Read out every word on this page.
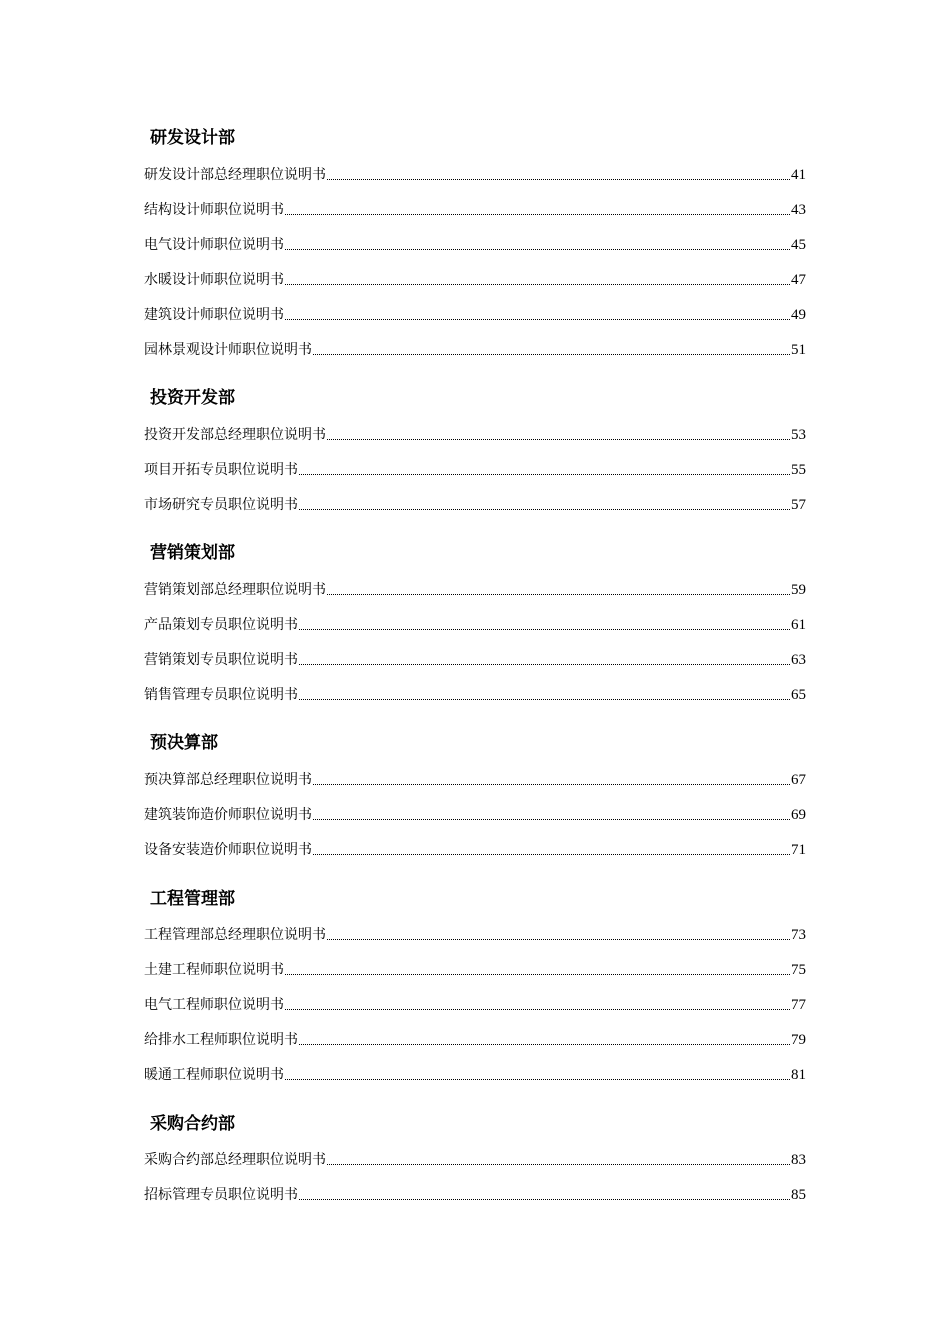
研发设计部
研发设计部总经理职位说明书	41
结构设计师职位说明书	43
电气设计师职位说明书	45
水暖设计师职位说明书	47
建筑设计师职位说明书	49
园林景观设计师职位说明书	51
投资开发部
投资开发部总经理职位说明书	53
项目开拓专员职位说明书	55
市场研究专员职位说明书	57
营销策划部
营销策划部总经理职位说明书	59
产品策划专员职位说明书	61
营销策划专员职位说明书	63
销售管理专员职位说明书	65
预决算部
预决算部总经理职位说明书	67
建筑装饰造价师职位说明书	69
设备安装造价师职位说明书	71
工程管理部
工程管理部总经理职位说明书	73
土建工程师职位说明书	75
电气工程师职位说明书	77
给排水工程师职位说明书	79
暖通工程师职位说明书	81
采购合约部
采购合约部总经理职位说明书	83
招标管理专员职位说明书	85
